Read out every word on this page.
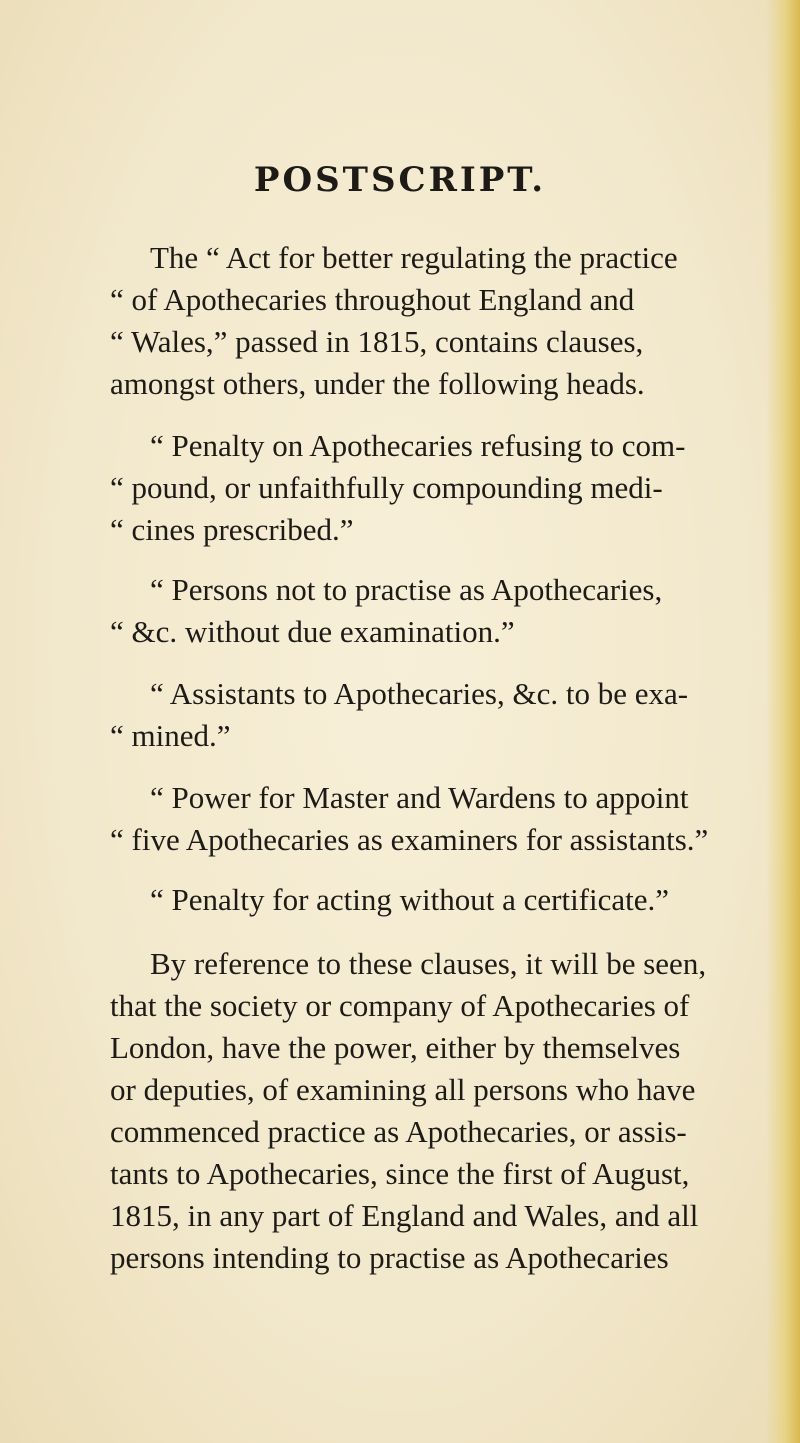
POSTSCRIPT.
The “ Act for better regulating the practice
“ of Apothecaries throughout England and
“ Wales,” passed in 1815, contains clauses,
amongst others, under the following heads.
“ Penalty on Apothecaries refusing to com-
“ pound, or unfaithfully compounding medi-
“ cines prescribed.”
“ Persons not to practise as Apothecaries,
“ &c. without due examination.”
“ Assistants to Apothecaries, &c. to be exa-
“ mined.”
“ Power for Master and Wardens to appoint
“ five Apothecaries as examiners for assistants.”
“ Penalty for acting without a certificate.”
By reference to these clauses, it will be seen,
that the society or company of Apothecaries of
London, have the power, either by themselves
or deputies, of examining all persons who have
commenced practice as Apothecaries, or assis-
tants to Apothecaries, since the first of August,
1815, in any part of England and Wales, and all
persons intending to practise as Apothecaries
